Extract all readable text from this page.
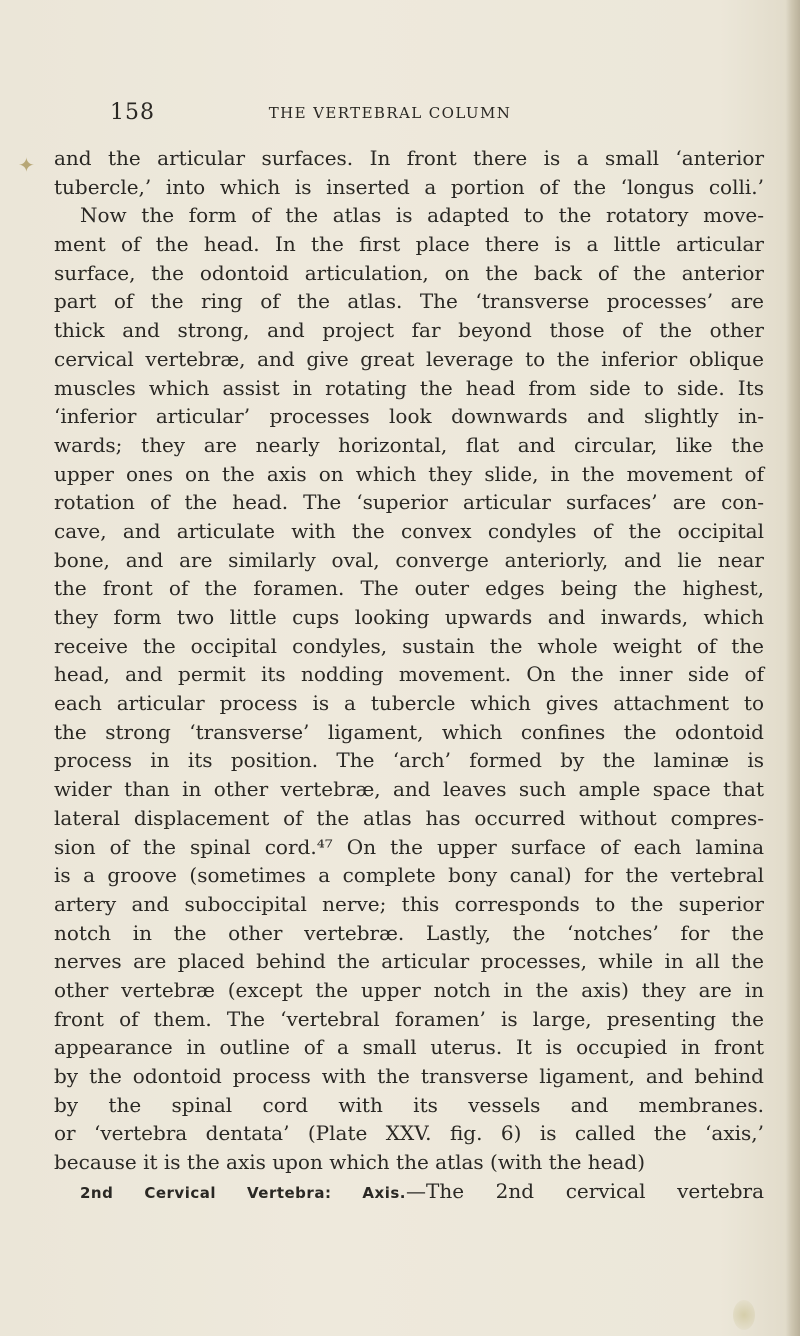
158	THE VERTEBRAL COLUMN
✦ and the articular surfaces. In front there is a small ‘anterior
tubercle,’ into which is inserted a portion of the ‘longus colli.’
Now the form of the atlas is adapted to the rotatory move-
ment of the head. In the first place there is a little articular
surface, the odontoid articulation, on the back of the anterior
part of the ring of the atlas. The ‘transverse processes’ are
thick and strong, and project far beyond those of the other
cervical vertebræ, and give great leverage to the inferior oblique
muscles which assist in rotating the head from side to side. Its
‘inferior articular’ processes look downwards and slightly in-
wards; they are nearly horizontal, flat and circular, like the
upper ones on the axis on which they slide, in the movement of
rotation of the head. The ‘superior articular surfaces’ are con-
cave, and articulate with the convex condyles of the occipital
bone, and are similarly oval, converge anteriorly, and lie near
the front of the foramen. The outer edges being the highest,
they form two little cups looking upwards and inwards, which
receive the occipital condyles, sustain the whole weight of the
head, and permit its nodding movement. On the inner side of
each articular process is a tubercle which gives attachment to
the strong ‘transverse’ ligament, which confines the odontoid
process in its position. The ‘arch’ formed by the laminæ is
wider than in other vertebræ, and leaves such ample space that
lateral displacement of the atlas has occurred without compres-
sion of the spinal cord.⁴⁷ On the upper surface of each lamina
is a groove (sometimes a complete bony canal) for the vertebral
artery and suboccipital nerve; this corresponds to the superior
notch in the other vertebræ. Lastly, the ‘notches’ for the
nerves are placed behind the articular processes, while in all the
other vertebræ (except the upper notch in the axis) they are in
front of them. The ‘vertebral foramen’ is large, presenting the
appearance in outline of a small uterus. It is occupied in front
by the odontoid process with the transverse ligament, and behind
by the spinal cord with its vessels and membranes.
or ‘vertebra dentata’ (Plate XXV. fig. 6) is called the ‘axis,’
because it is the axis upon which the atlas (with the head)
2nd Cervical Vertebra: Axis.—The 2nd cervical vertebra
